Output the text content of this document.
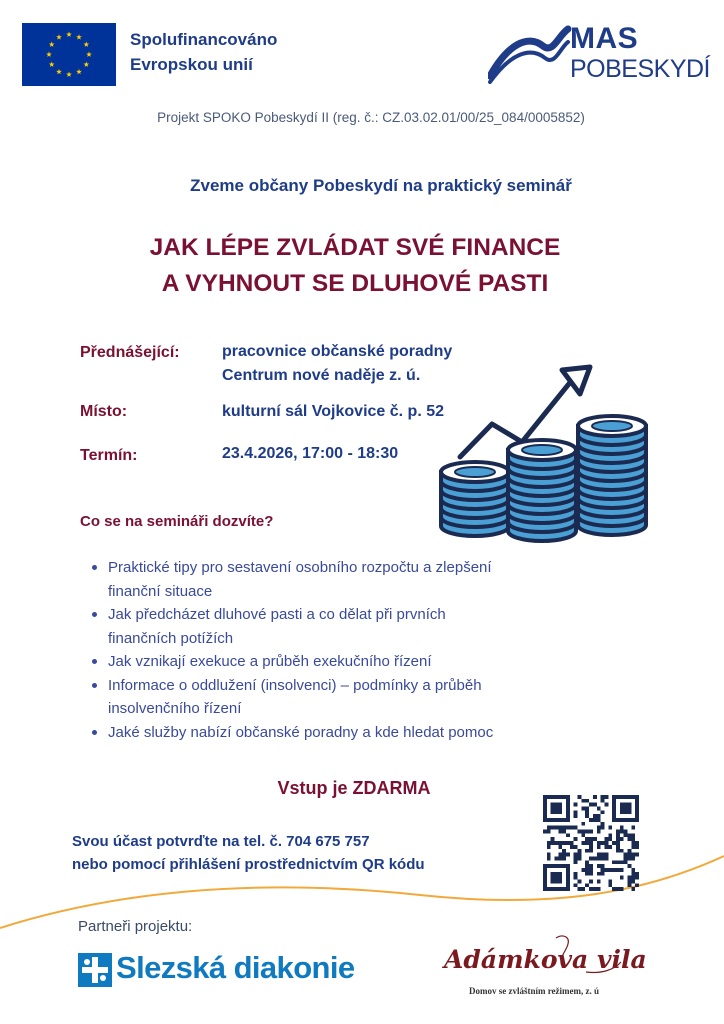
Spolufinancováno
Evropskou unií
MAS
POBESKYDÍ
Projekt SPOKO Pobeskydí II (reg. č.: CZ.03.02.01/00/25_084/0005852)
Zveme občany Pobeskydí na praktický seminář
JAK LÉPE ZVLÁDAT SVÉ FINANCE
A VYHNOUT SE DLUHOVÉ PASTI
Přednášející:	pracovnice občanské poradny
Centrum nové naděje z. ú.
Místo:	kulturní sál Vojkovice č. p. 52
Termín:	23.4.2026, 17:00 - 18:30
Co se na semináři dozvíte?
Praktické tipy pro sestavení osobního rozpočtu a zlepšení
finanční situace
Jak předcházet dluhové pasti a co dělat při prvních
finančních potížích
Jak vznikají exekuce a průběh exekučního řízení
Informace o oddlužení (insolvenci) – podmínky a průběh
insolvenčního řízení
Jaké služby nabízí občanské poradny a kde hledat pomoc
Vstup je ZDARMA
Svou účast potvrďte na tel. č. 704 675 757
nebo pomocí přihlášení prostřednictvím QR kódu
Partneři projektu:
Slezská diakonie	Adámkova vila
Domov se zvláštním režimem, z. ú
